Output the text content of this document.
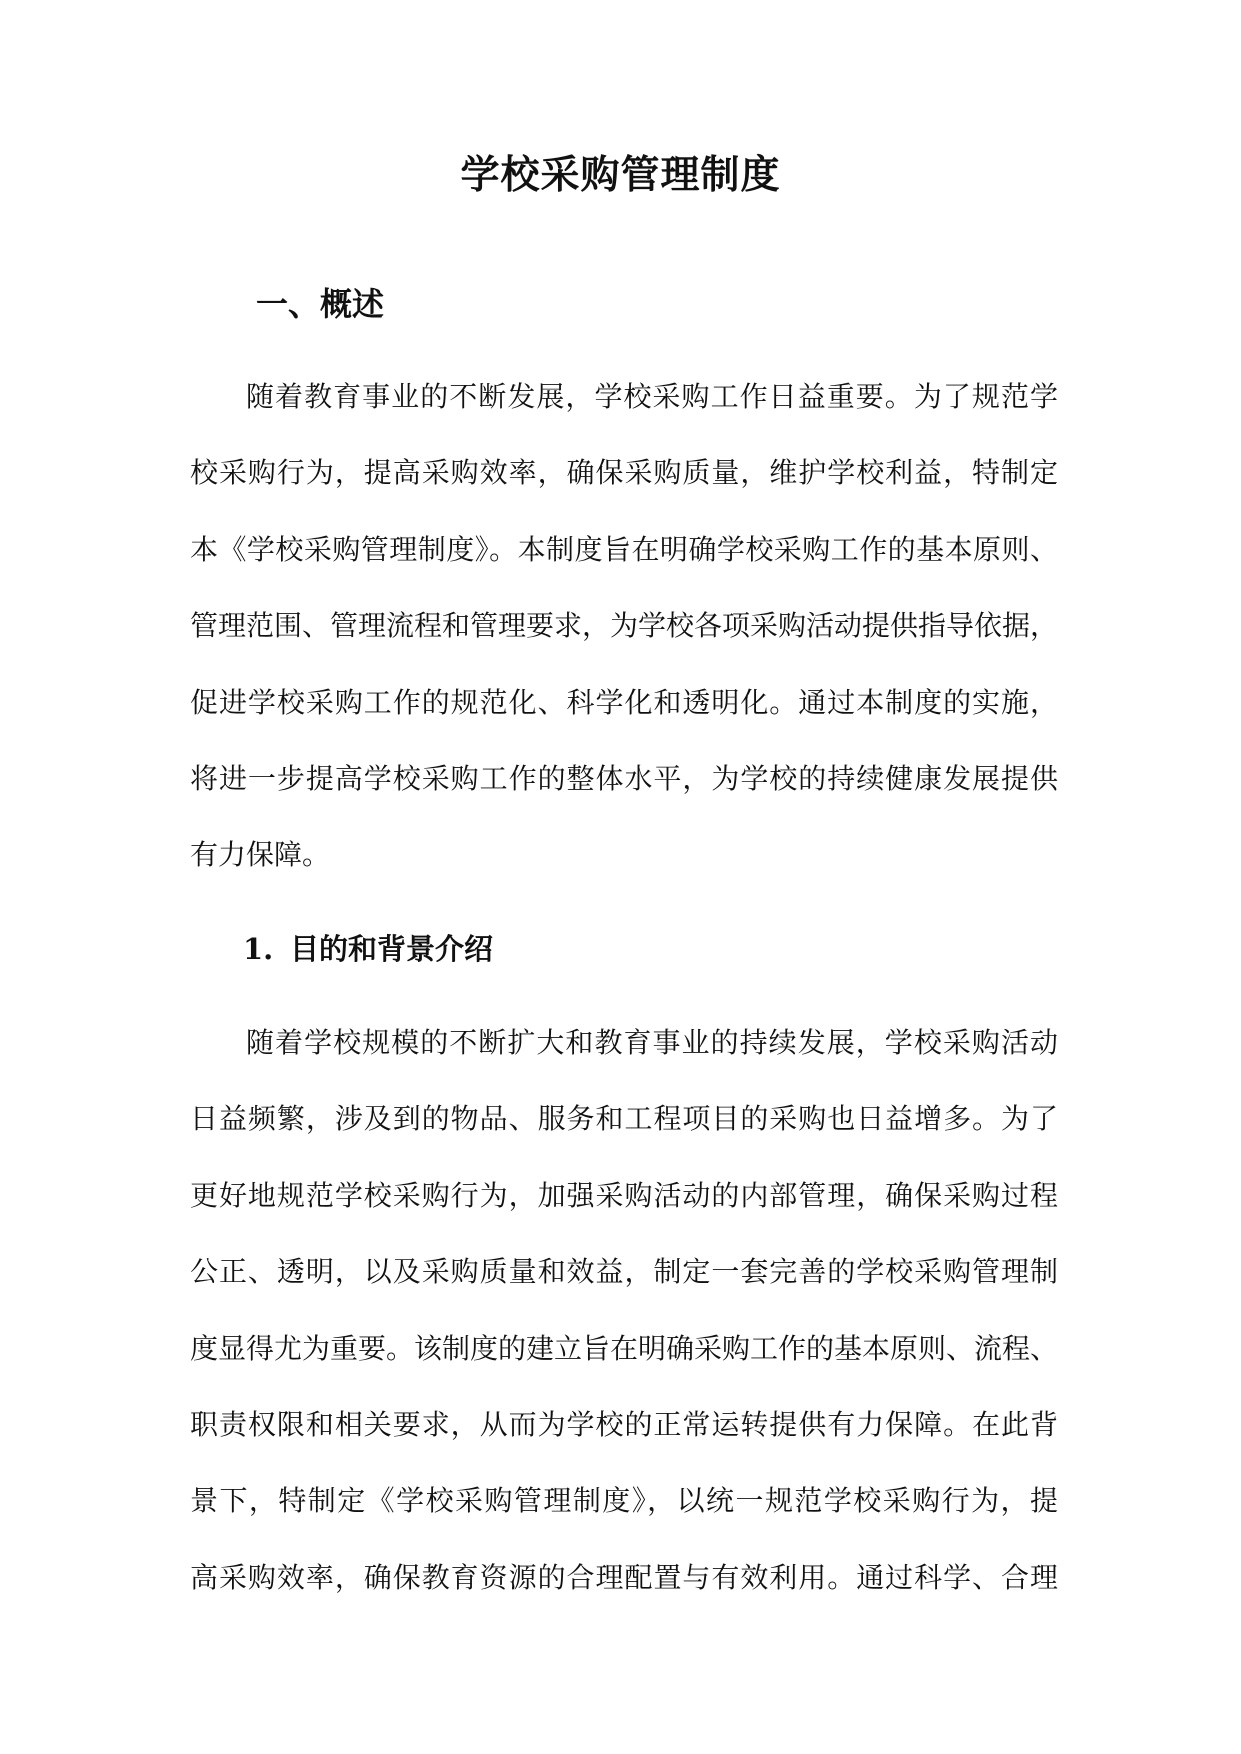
学校采购管理制度
一、概述

随着教育事业的不断发展，学校采购工作日益重要。为了规范学
校采购行为，提高采购效率，确保采购质量，维护学校利益，特制定
本《学校采购管理制度》。本制度旨在明确学校采购工作的基本原则、
管理范围、管理流程和管理要求，为学校各项采购活动提供指导依据，
促进学校采购工作的规范化、科学化和透明化。通过本制度的实施，
将进一步提高学校采购工作的整体水平，为学校的持续健康发展提供
有力保障。

1. 目的和背景介绍

随着学校规模的不断扩大和教育事业的持续发展，学校采购活动
日益频繁，涉及到的物品、服务和工程项目的采购也日益增多。为了
更好地规范学校采购行为，加强采购活动的内部管理，确保采购过程
公正、透明，以及采购质量和效益，制定一套完善的学校采购管理制
度显得尤为重要。该制度的建立旨在明确采购工作的基本原则、流程、
职责权限和相关要求，从而为学校的正常运转提供有力保障。在此背
景下，特制定《学校采购管理制度》，以统一规范学校采购行为，提
高采购效率，确保教育资源的合理配置与有效利用。通过科学、合理
